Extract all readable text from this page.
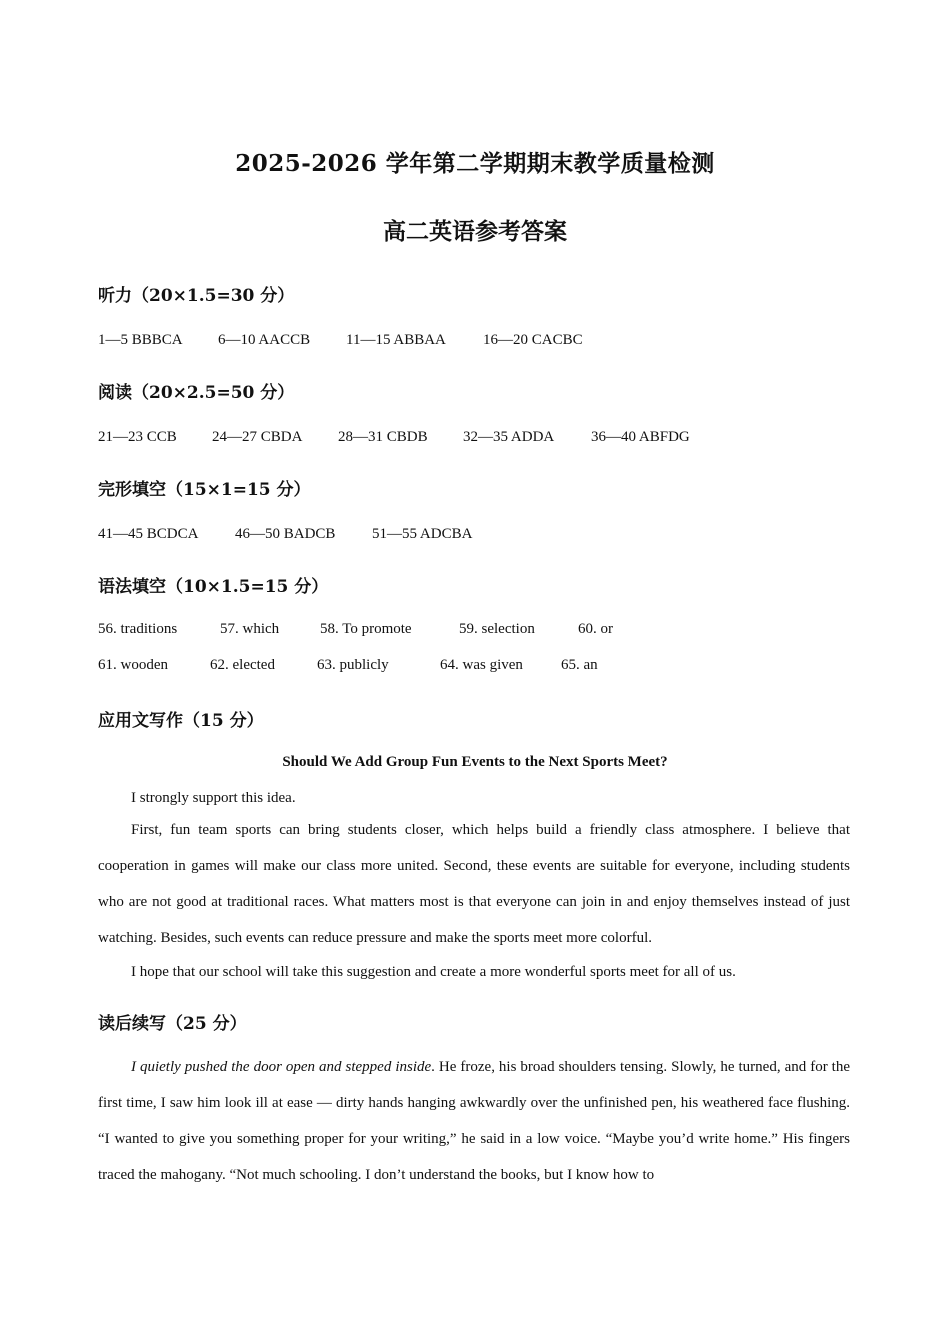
2025-2026 学年第二学期期末教学质量检测
高二英语参考答案
听力（20×1.5=30 分）
1—5 BBBCA 6—10 AACCB 11—15 ABBAA 16—20 CACBC
阅读（20×2.5=50 分）
21—23 CCB 24—27 CBDA 28—31 CBDB 32—35 ADDA 36—40 ABFDG
完形填空（15×1=15 分）
41—45 BCDCA 46—50 BADCB 51—55 ADCBA
语法填空（10×1.5=15 分）
56. traditions	57. which	58. To promote	59. selection	60. or
61. wooden	62. elected	63. publicly	64. was given	65. an
应用文写作（15 分）
Should We Add Group Fun Events to the Next Sports Meet?
I strongly support this idea.
First, fun team sports can bring students closer, which helps build a friendly class atmosphere. I believe that cooperation in games will make our class more united. Second, these events are suitable for everyone, including students who are not good at traditional races. What matters most is that everyone can join in and enjoy themselves instead of just watching. Besides, such events can reduce pressure and make the sports meet more colorful.
I hope that our school will take this suggestion and create a more wonderful sports meet for all of us.
读后续写（25 分）
I quietly pushed the door open and stepped inside. He froze, his broad shoulders tensing. Slowly, he turned, and for the first time, I saw him look ill at ease — dirty hands hanging awkwardly over the unfinished pen, his weathered face flushing. “I wanted to give you something proper for your writing,” he said in a low voice. “Maybe you’d write home.” His fingers traced the mahogany. “Not much schooling. I don’t understand the books, but I know how to
